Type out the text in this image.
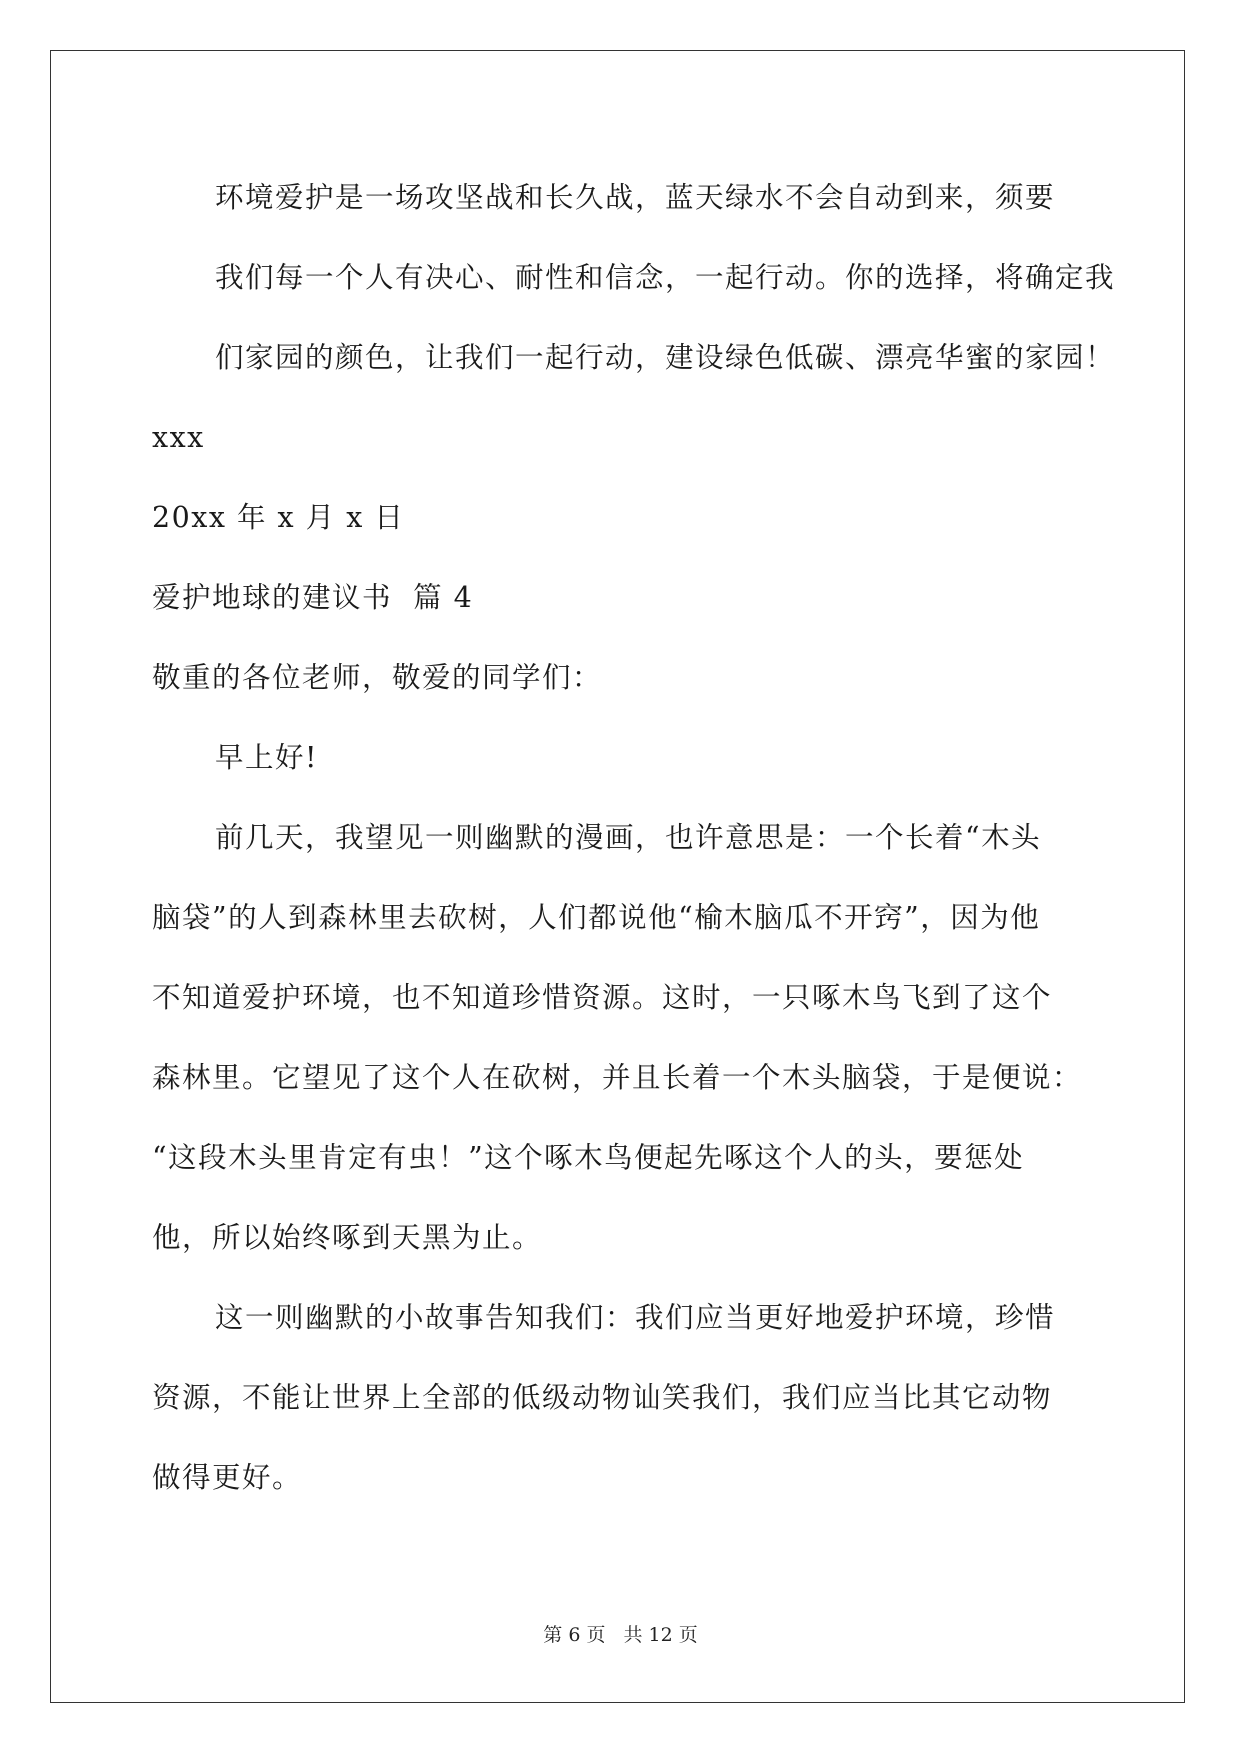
环境爱护是一场攻坚战和长久战，蓝天绿水不会自动到来，须要
我们每一个人有决心、耐性和信念，一起行动。你的选择，将确定我
们家园的颜色，让我们一起行动，建设绿色低碳、漂亮华蜜的家园！

xxx

20xx 年 x 月 x 日

爱护地球的建议书  篇 4

敬重的各位老师，敬爱的同学们：

早上好!

前几天，我望见一则幽默的漫画，也许意思是：一个长着“木头
脑袋”的人到森林里去砍树，人们都说他“榆木脑瓜不开窍”，因为他
不知道爱护环境，也不知道珍惜资源。这时，一只啄木鸟飞到了这个
森林里。它望见了这个人在砍树，并且长着一个木头脑袋，于是便说：
“这段木头里肯定有虫！”这个啄木鸟便起先啄这个人的头，要惩处
他，所以始终啄到天黑为止。

这一则幽默的小故事告知我们：我们应当更好地爱护环境，珍惜
资源，不能让世界上全部的低级动物讪笑我们，我们应当比其它动物
做得更好。

第 6 页 共 12 页
